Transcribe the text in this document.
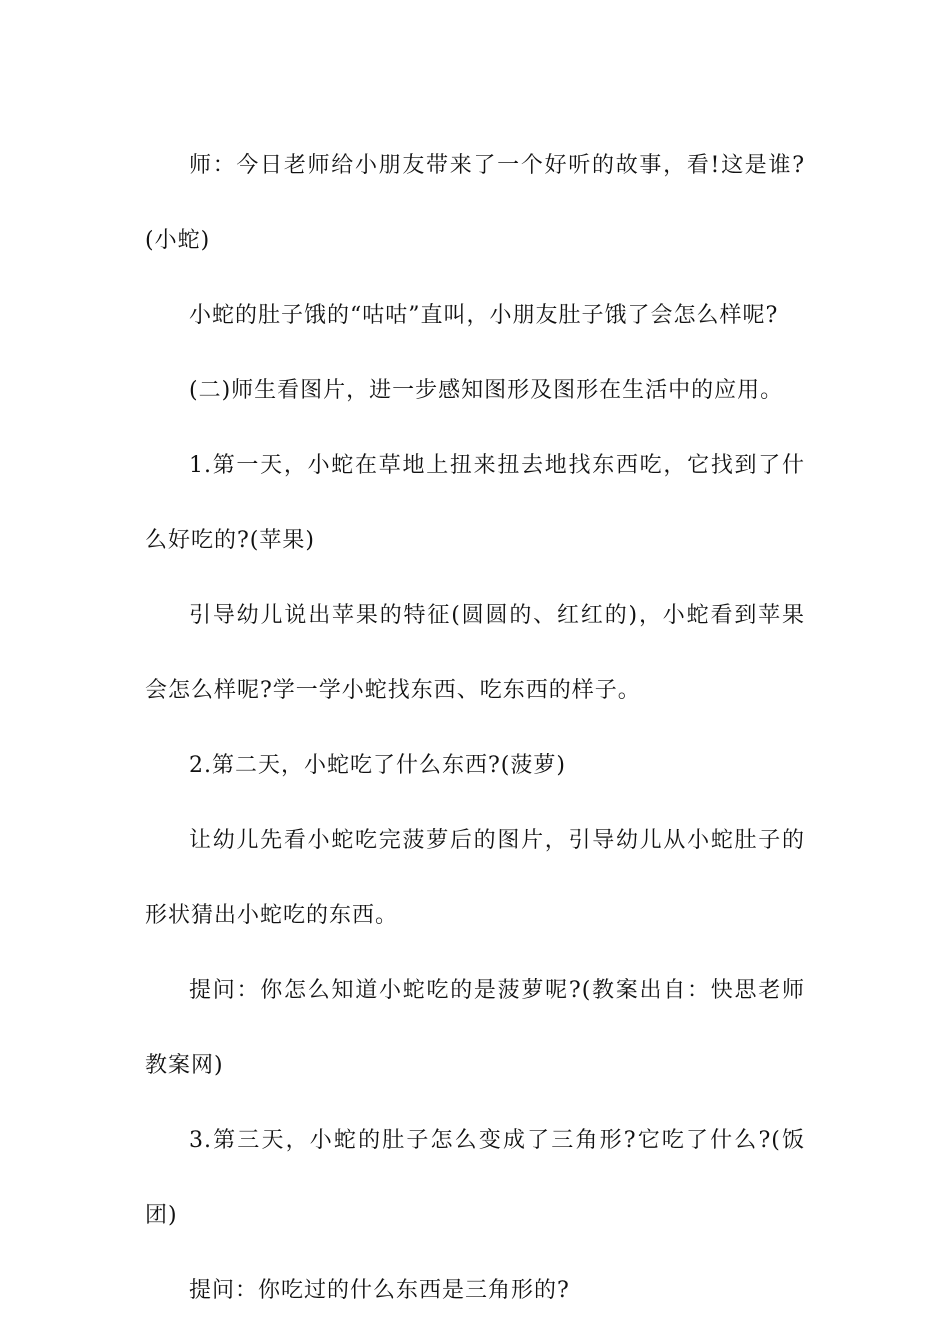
师：今日老师给小朋友带来了一个好听的故事，看!这是谁?(小蛇)

小蛇的肚子饿的“咕咕”直叫，小朋友肚子饿了会怎么样呢?

(二)师生看图片，进一步感知图形及图形在生活中的应用。

1.第一天，小蛇在草地上扭来扭去地找东西吃，它找到了什么好吃的?(苹果)

引导幼儿说出苹果的特征(圆圆的、红红的)，小蛇看到苹果会怎么样呢?学一学小蛇找东西、吃东西的样子。

2.第二天，小蛇吃了什么东西?(菠萝)

让幼儿先看小蛇吃完菠萝后的图片，引导幼儿从小蛇肚子的形状猜出小蛇吃的东西。

提问：你怎么知道小蛇吃的是菠萝呢?(教案出自：快思老师教案网)

3.第三天，小蛇的肚子怎么变成了三角形?它吃了什么?(饭团)

提问：你吃过的什么东西是三角形的?
